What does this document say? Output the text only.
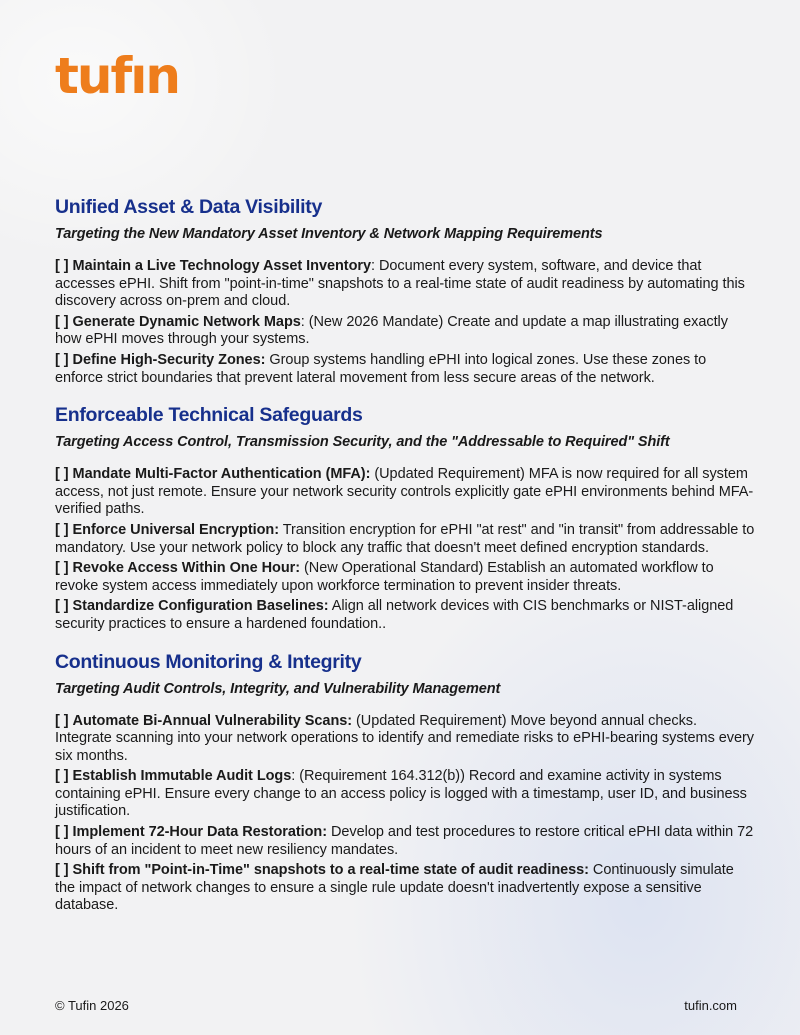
tufın
Unified Asset & Data Visibility
Targeting the New Mandatory Asset Inventory & Network Mapping Requirements

[ ] Maintain a Live Technology Asset Inventory: Document every system, software, and device that accesses ePHI. Shift from "point-in-time" snapshots to a real-time state of audit readiness by automating this discovery across on-prem and cloud.

[ ] Generate Dynamic Network Maps: (New 2026 Mandate) Create and update a map illustrating exactly how ePHI moves through your systems.

[ ] Define High-Security Zones: Group systems handling ePHI into logical zones. Use these zones to enforce strict boundaries that prevent lateral movement from less secure areas of the network.

Enforceable Technical Safeguards
Targeting Access Control, Transmission Security, and the "Addressable to Required" Shift

[ ] Mandate Multi-Factor Authentication (MFA): (Updated Requirement) MFA is now required for all system access, not just remote. Ensure your network security controls explicitly gate ePHI environments behind MFA-verified paths.

[ ] Enforce Universal Encryption: Transition encryption for ePHI "at rest" and "in transit" from addressable to mandatory. Use your network policy to block any traffic that doesn't meet defined encryption standards.

[ ] Revoke Access Within One Hour: (New Operational Standard) Establish an automated workflow to revoke system access immediately upon workforce termination to prevent insider threats.

[ ] Standardize Configuration Baselines: Align all network devices with CIS benchmarks or NIST-aligned security practices to ensure a hardened foundation..

Continuous Monitoring & Integrity
Targeting Audit Controls, Integrity, and Vulnerability Management

[ ] Automate Bi-Annual Vulnerability Scans: (Updated Requirement) Move beyond annual checks. Integrate scanning into your network operations to identify and remediate risks to ePHI-bearing systems every six months.

[ ] Establish Immutable Audit Logs: (Requirement 164.312(b)) Record and examine activity in systems containing ePHI. Ensure every change to an access policy is logged with a timestamp, user ID, and business justification.

[ ] Implement 72-Hour Data Restoration: Develop and test procedures to restore critical ePHI data within 72 hours of an incident to meet new resiliency mandates.

[ ] Shift from "Point-in-Time" snapshots to a real-time state of audit readiness: Continuously simulate the impact of network changes to ensure a single rule update doesn't inadvertently expose a sensitive database.

© Tufin 2026	tufin.com
